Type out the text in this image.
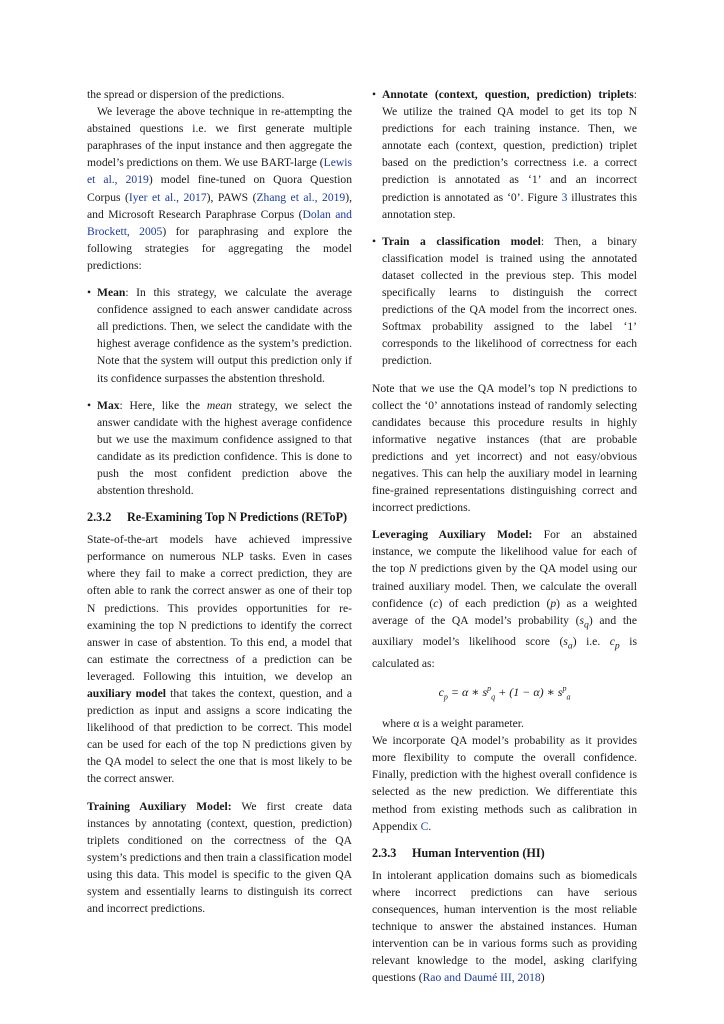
the spread or dispersion of the predictions.

We leverage the above technique in re-attempting the abstained questions i.e. we first generate multiple paraphrases of the input instance and then aggregate the model’s predictions on them. We use BART-large (Lewis et al., 2019) model fine-tuned on Quora Question Corpus (Iyer et al., 2017), PAWS (Zhang et al., 2019), and Microsoft Research Paraphrase Corpus (Dolan and Brockett, 2005) for paraphrasing and explore the following strategies for aggregating the model predictions:

• Mean: In this strategy, we calculate the average confidence assigned to each answer candidate across all predictions. Then, we select the candidate with the highest average confidence as the system’s prediction. Note that the system will output this prediction only if its confidence surpasses the abstention threshold.
• Max: Here, like the mean strategy, we select the answer candidate with the highest average confidence but we use the maximum confidence assigned to that candidate as its prediction confidence. This is done to push the most confident prediction above the abstention threshold.
2.3.2	Re-Examining Top N Predictions (REToP)

State-of-the-art models have achieved impressive performance on numerous NLP tasks. Even in cases where they fail to make a correct prediction, they are often able to rank the correct answer as one of their top N predictions. This provides opportunities for re-examining the top N predictions to identify the correct answer in case of abstention. To this end, a model that can estimate the correctness of a prediction can be leveraged. Following this intuition, we develop an auxiliary model that takes the context, question, and a prediction as input and assigns a score indicating the likelihood of that prediction to be correct. This model can be used for each of the top N predictions given by the QA model to select the one that is most likely to be the correct answer.

Training Auxiliary Model: We first create data instances by annotating (context, question, prediction) triplets conditioned on the correctness of the QA system’s predictions and then train a classification model using this data. This model is specific to the given QA system and essentially learns to distinguish its correct and incorrect predictions.

• Annotate (context, question, prediction) triplets: We utilize the trained QA model to get its top N predictions for each training instance. Then, we annotate each (context, question, prediction) triplet based on the prediction’s correctness i.e. a correct prediction is annotated as ‘1’ and an incorrect prediction is annotated as ‘0’. Figure 3 illustrates this annotation step.
• Train a classification model: Then, a binary classification model is trained using the annotated dataset collected in the previous step. This model specifically learns to distinguish the correct predictions of the QA model from the incorrect ones. Softmax probability assigned to the label ‘1’ corresponds to the likelihood of correctness for each prediction.

Note that we use the QA model’s top N predictions to collect the ‘0’ annotations instead of randomly selecting candidates because this procedure results in highly informative negative instances (that are probable predictions and yet incorrect) and not easy/obvious negatives. This can help the auxiliary model in learning fine-grained representations distinguishing correct and incorrect predictions.

Leveraging Auxiliary Model: For an abstained instance, we compute the likelihood value for each of the top N predictions given by the QA model using our trained auxiliary model. Then, we calculate the overall confidence (c) of each prediction (p) as a weighted average of the QA model’s probability $(s_q)$ and the auxiliary model’s likelihood score $(s_a)$ i.e. $c_p$ is calculated as:

$c_p = \alpha$ ∗ $s^p_q + (1 - \alpha)$ ∗ $s^p_a$

where α is a weight parameter.

We incorporate QA model’s probability as it provides more flexibility to compute the overall confidence. Finally, prediction with the highest overall confidence is selected as the new prediction. We differentiate this method from existing methods such as calibration in Appendix C.

2.3.3	Human Intervention (HI)

In intolerant application domains such as biomedicals where incorrect predictions can have serious consequences, human intervention is the most reliable technique to answer the abstained instances. Human intervention can be in various forms such as providing relevant knowledge to the model, asking clarifying questions (Rao and Daumé III, 2018)
